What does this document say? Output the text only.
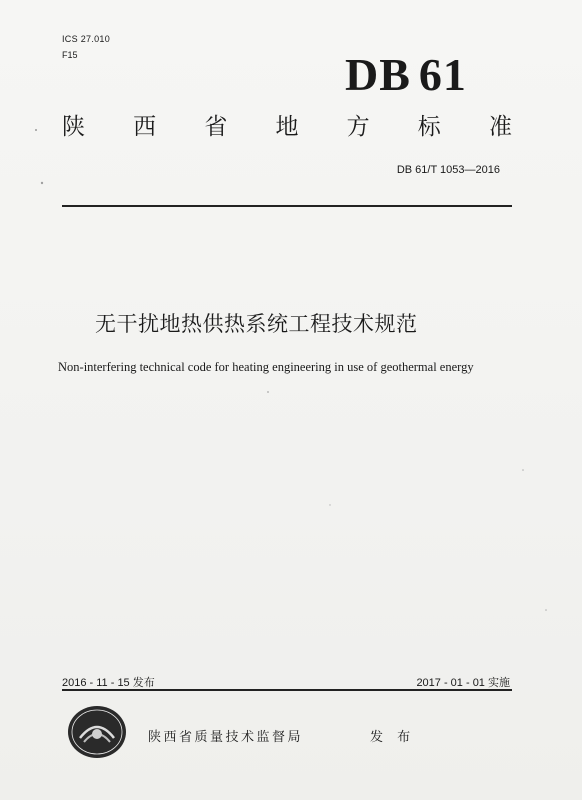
ICS 27.010
F15	DB 61
陕 西 省 地 方 标 准
DB 61/T 1053—2016
无干扰地热供热系统工程技术规范
Non-interfering technical code for heating engineering in use of geothermal energy
2016 - 11 - 15 发布	2017 - 01 - 01 实施
陕西省质量技术监督局	发 布
